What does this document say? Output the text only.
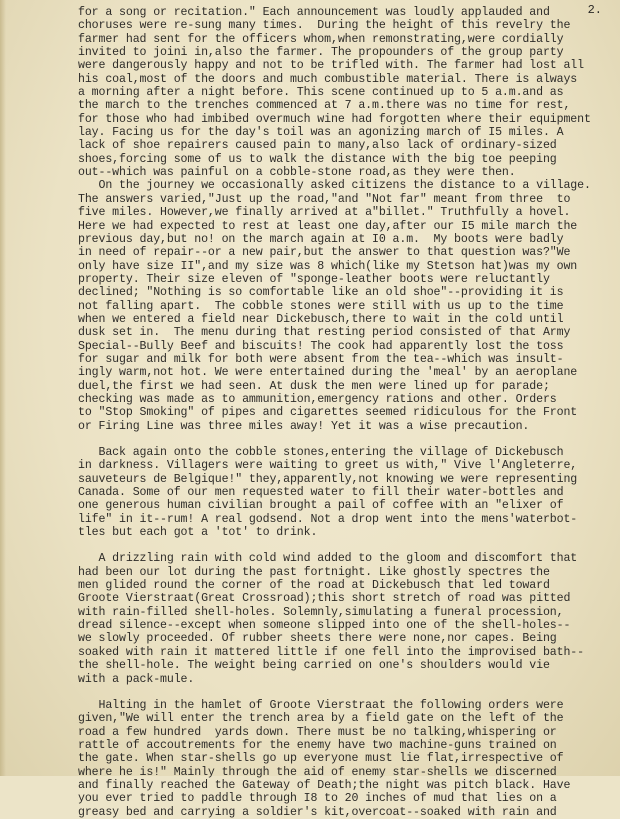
2.
for a song or recitation." Each announcement was loudly applauded and
choruses were re-sung many times.  During the height of this revelry the
farmer had sent for the officers whom,when remonstrating,were cordially
invited to joini in,also the farmer. The propounders of the group party
were dangerously happy and not to be trifled with. The farmer had lost all
his coal,most of the doors and much combustible material. There is always
a morning after a night before. This scene continued up to 5 a.m.and as
the march to the trenches commenced at 7 a.m.there was no time for rest,
for those who had imbibed overmuch wine had forgotten where their equipment
lay. Facing us for the day's toil was an agonizing march of I5 miles. A
lack of shoe repairers caused pain to many,also lack of ordinary-sized
shoes,forcing some of us to walk the distance with the big toe peeping
out--which was painful on a cobble-stone road,as they were then.
On the journey we occasionally asked citizens the distance to a village.
The answers varied,"Just up the road,"and "Not far" meant from three  to
five miles. However,we finally arrived at a"billet." Truthfully a hovel.
Here we had expected to rest at least one day,after our I5 mile march the
previous day,but no! on the march again at I0 a.m.  My boots were badly
in need of repair--or a new pair,but the answer to that question was?"We
only have size II",and my size was 8 which(like my Stetson hat)was my own
property. Their size eleven of "sponge-leather boots were reluctantly
declined; "Nothing is so comfortable like an old shoe"--providing it is
not falling apart.  The cobble stones were still with us up to the time
when we entered a field near Dickebusch,there to wait in the cold until
dusk set in.  The menu during that resting period consisted of that Army
Special--Bully Beef and biscuits! The cook had apparently lost the toss
for sugar and milk for both were absent from the tea--which was insult-
ingly warm,not hot. We were entertained during the 'meal' by an aeroplane
duel,the first we had seen. At dusk the men were lined up for parade;
checking was made as to ammunition,emergency rations and other. Orders
to "Stop Smoking" of pipes and cigarettes seemed ridiculous for the Front
or Firing Line was three miles away! Yet it was a wise precaution.
Back again onto the cobble stones,entering the village of Dickebusch
in darkness. Villagers were waiting to greet us with," Vive l'Angleterre,
sauveteurs de Belgique!" they,apparently,not knowing we were representing
Canada. Some of our men requested water to fill their water-bottles and
one generous human civilian brought a pail of coffee with an "elixer of
life" in it--rum! A real godsend. Not a drop went into the mens'waterbot-
tles but each got a 'tot' to drink.
A drizzling rain with cold wind added to the gloom and discomfort that
had been our lot during the past fortnight. Like ghostly spectres the
men glided round the corner of the road at Dickebusch that led toward
Groote Vierstraat(Great Crossroad);this short stretch of road was pitted
with rain-filled shell-holes. Solemnly,simulating a funeral procession,
dread silence--except when someone slipped into one of the shell-holes--
we slowly proceeded. Of rubber sheets there were none,nor capes. Being
soaked with rain it mattered little if one fell into the improvised bath--
the shell-hole. The weight being carried on one's shoulders would vie
with a pack-mule.
Halting in the hamlet of Groote Vierstraat the following orders were
given,"We will enter the trench area by a field gate on the left of the
road a few hundred  yards down. There must be no talking,whispering or
rattle of accoutrements for the enemy have two machine-guns trained on
the gate. When star-shells go up everyone must lie flat,irrespective of
where he is!" Mainly through the aid of enemy star-shells we discerned
and finally reached the Gateway of Death;the night was pitch black. Have
you ever tried to paddle through I8 to 20 inches of mud that lies on a
greasy bed and carrying a soldier's kit,overcoat--soaked with rain and
